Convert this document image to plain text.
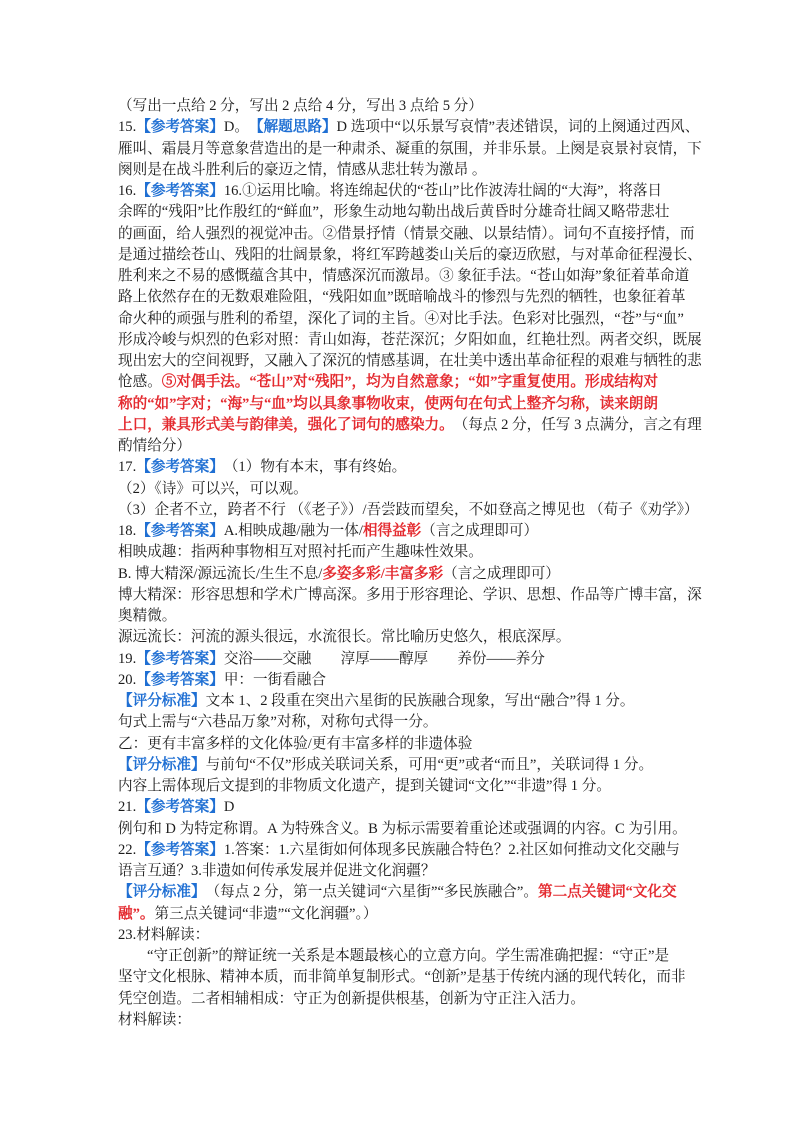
（写出一点给 2 分，写出 2 点给 4 分，写出 3 点给 5 分）
15. 【参考答案】 D。 【解题思路】 D 选项中“以乐景写哀情”表述错误，词的上阕通过西风、
雁叫、霜晨月等意象营造出的是一种肃杀、凝重的氛围，并非乐景。上阕是哀景衬哀情，下
阕则是在战斗胜利后的豪迈之情，情感从悲壮转为激昂 。
16. 【参考答案】 16.①运用比喻。将连绵起伏的“苍山”比作波涛壮阔的“大海”，将落日
余晖的“残阳”比作殷红的“鲜血”，形象生动地勾勒出战后黄昏时分雄奇壮阔又略带悲壮
的画面，给人强烈的视觉冲击。②借景抒情（情景交融、以景结情）。词句不直接抒情，而
是通过描绘苍山、残阳的壮阔景象，将红军跨越娄山关后的豪迈欣慰，与对革命征程漫长、
胜利来之不易的感慨蕴含其中，情感深沉而激昂。③ 象征手法。“苍山如海”象征着革命道
路上依然存在的无数艰难险阻，“残阳如血”既暗喻战斗的惨烈与先烈的牺牲，也象征着革
命火种的顽强与胜利的希望，深化了词的主旨。④对比手法。色彩对比强烈，“苍”与“血”
形成冷峻与炽烈的色彩对照：青山如海，苍茫深沉；夕阳如血，红艳壮烈。两者交织，既展
现出宏大的空间视野，又融入了深沉的情感基调，在壮美中透出革命征程的艰难与牺牲的悲
怆感。 ⑤对偶手法。“苍山”对“残阳”，均为自然意象；“如”字重复使用。形成结构对
称的“如”字对；“海”与“血”均以具象事物收束，使两句在句式上整齐匀称，读来朗朗
上口，兼具形式美与韵律美，强化了词句的感染力。 （每点 2 分，任写 3 点满分，言之有理
酌情给分）
17. 【参考答案】 （1）物有本末，事有终始。
（2）《诗》可以兴，可以观。
（3）企者不立，跨者不行 （《老子》）/吾尝跂而望矣，不如登高之博见也 （荀子《劝学》）
18. 【参考答案】 A.相映成趣/融为一体/ 相得益彰 （言之成理即可）
相映成趣：指两种事物相互对照衬托而产生趣味性效果。
B. 博大精深/源远流长/生生不息/ 多姿多彩/丰富多彩 （言之成理即可）
博大精深：形容思想和学术广博高深。多用于形容理论、学识、思想、作品等广博丰富，深
奥精微。
源远流长：河流的源头很远，水流很长。常比喻历史悠久，根底深厚。
19. 【参考答案】 交浴——交融　　淳厚——醇厚　　养份——养分
20. 【参考答案】 甲：一街看融合
【评分标准】 文本 1、2 段重在突出六星街的民族融合现象，写出“融合”得 1 分。
句式上需与“六巷品万象”对称，对称句式得一分。
乙：更有丰富多样的文化体验/更有丰富多样的非遗体验
【评分标准】 与前句“不仅”形成关联词关系，可用“更”或者“而且”，关联词得 1 分。
内容上需体现后文提到的非物质文化遗产，提到关键词“文化”“非遗”得 1 分。
21. 【参考答案】 D
例句和 D 为特定称谓。A 为特殊含义。B 为标示需要着重论述或强调的内容。C 为引用。
22. 【参考答案】 1.答案：1.六星街如何体现多民族融合特色？2.社区如何推动文化交融与
语言互通？3.非遗如何传承发展并促进文化润疆？
【评分标准】 （每点 2 分，第一点关键词“六星街”“多民族融合”。 第二点关键词“文化交
融”。 第三点关键词“非遗”“文化润疆”。）
23.材料解读：
“守正创新”的辩证统一关系是本题最核心的立意方向。学生需准确把握：“守正”是
坚守文化根脉、精神本质，而非简单复制形式。“创新”是基于传统内涵的现代转化，而非
凭空创造。二者相辅相成：守正为创新提供根基，创新为守正注入活力。
材料解读：
